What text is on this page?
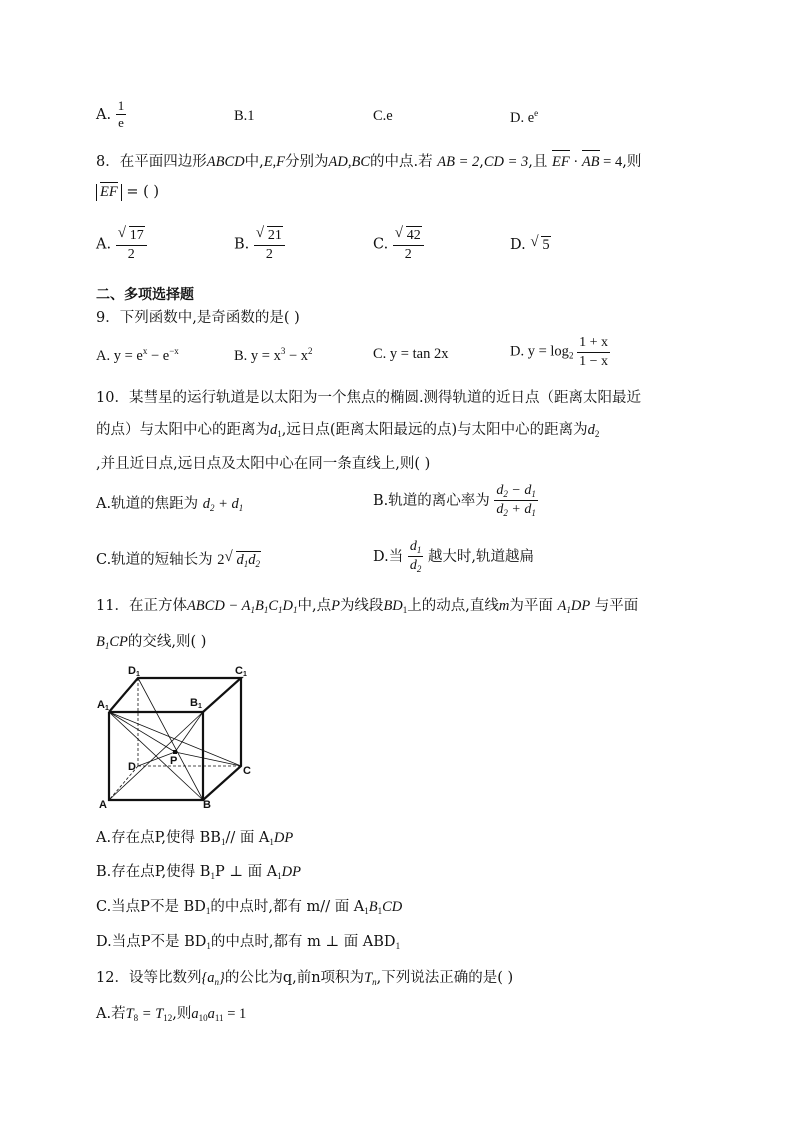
A. $\frac{1}{e}$	B.1	C.e	D. $e^e$
8．在平面四边形ABCD中,E,F分别为AD,BC的中点.若 AB = 2,CD = 3,且 EF ·
AB = 4,则
EF = ( )
A. √ $\frac{17}{2}$	B. √ $\frac{21}{2}$	C. √ $\frac{42}{2}$	D. √ 5
二、多项选择题
9．下列函数中,是奇函数的是( )
A. $y = e^x - e^{-x}$	B. $y = x^3 - x^2$	C. y = tan 2x	D. $y = \log_2 \frac{1 + x}{1 - x}$
10．某彗星的运行轨道是以太阳为一个焦点的椭圆.测得轨道的近日点（距离太阳最近
的点）与太阳中心的距离为$d_1$,远日点(距离太阳最远的点)与太阳中心的距离为$d_2$
,并且近日点,远日点及太阳中心在同一条直线上,则( )
A.轨道的焦距为 $d_2 + d_1$	B.轨道的离心率为 $\frac{d_2 - d_1}{d_2 + d_1}$
C.轨道的短轴长为 2 √ $d_1d_2$	D.当 $\frac{d_1}{d_2}$ 越大时,轨道越扁
11．在正方体ABCD − $A_1B_1C_1D_1$中,点P为线段$BD_1$上的动点,直线m为平面 $A_1DP$ 与平面
$B_1CP$的交线,则( )
D1	C1
A1	B1
D	C
A	B
P
A.存在点P,使得 $BB_1//$ 面 $A_1DP$
B.存在点P,使得 $B_1P$ ⊥ 面 $A_1DP$
C.当点P不是 $BD_1$的中点时,都有 m// 面 $A_1B_1CD$
D.当点P不是 $BD_1$的中点时,都有 m ⊥ 面 $ABD_1$
12．设等比数列$\{a_n\}$的公比为q,前n项积为$T_n$,下列说法正确的是( )
A.若$T_8 = T_{12}$,则$a_{10}a_{11} = 1$
